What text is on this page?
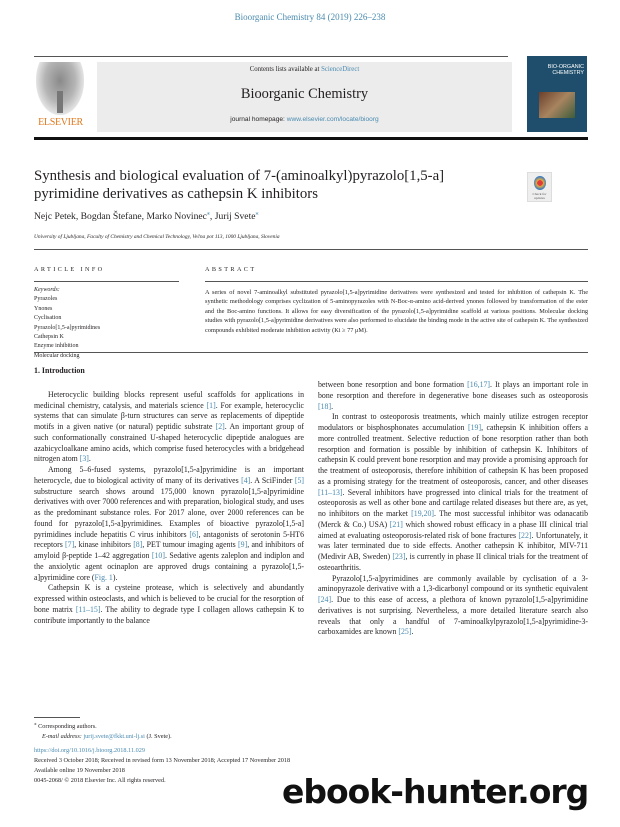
Bioorganic Chemistry 84 (2019) 226–238
ELSEVIER
Contents lists available at ScienceDirect
Bioorganic Chemistry
journal homepage: www.elsevier.com/locate/bioorg
BIO-ORGANIC CHEMISTRY
Synthesis and biological evaluation of 7-(aminoalkyl)pyrazolo[1,5-a] pyrimidine derivatives as cathepsin K inhibitors	Check for updates
Nejc Petek, Bogdan Štefane, Marko Novinec⁎, Jurij Svete⁎
University of Ljubljana, Faculty of Chemistry and Chemical Technology, Večna pot 113, 1000 Ljubljana, Slovenia
ARTICLE INFO
Keywords:
Pyrazoles
Ynones
Cyclisation
Pyrazolo[1,5-a]pyrimidines
Cathepsin K
Enzyme inhibition
Molecular docking
ABSTRACT
A series of novel 7-aminoalkyl substituted pyrazolo[1,5-a]pyrimidine derivatives were synthesized and tested for inhibition of cathepsin K. The synthetic methodology comprises cyclization of 5-aminopyrazoles with N-Boc-α-amino acid-derived ynones followed by transformation of the ester and the Boc-amino functions. It allows for easy diversification of the pyrazolo[1,5-a]pyrimidine scaffold at various positions. Molecular docking studies with pyrazolo[1,5-a]pyrimidine derivatives were also performed to elucidate the binding mode in the active site of cathepsin K. The synthesized compounds exhibited moderate inhibition activity (Ki ≥ 77 μM).
1. Introduction

Heterocyclic building blocks represent useful scaffolds for applications in medicinal chemistry, catalysis, and materials science [1]. For example, heterocyclic systems that can simulate β-turn structures can serve as replacements of dipeptide motifs in a given native (or natural) peptidic substrate [2]. An important group of such conformationally constrained U-shaped heterocyclic dipeptide analogues are azabicycloalkane amino acids, which comprise fused heterocycles with a bridgehead nitrogen atom [3].

Among 5–6-fused systems, pyrazolo[1,5-a]pyrimidine is an important heterocycle, due to biological activity of many of its derivatives [4]. A SciFinder [5] substructure search shows around 175,000 known pyrazolo[1,5-a]pyrimidine derivatives with over 7000 references and with preparation, biological study, and uses as the predominant substance roles. For 2017 alone, over 2000 references can be found for pyrazolo[1,5-a]pyrimidines. Examples of bioactive pyrazolo[1,5-a] pyrimidines include hepatitis C virus inhibitors [6], antagonists of serotonin 5-HT6 receptors [7], kinase inhibitors [8], PET tumour imaging agents [9], and inhibitors of amyloid β-peptide 1–42 aggregation [10]. Sedative agents zaleplon and indiplon and the anxiolytic agent ocinaplon are approved drugs containing a pyrazolo[1,5-a]pyrimidine core (Fig. 1).

Cathepsin K is a cysteine protease, which is selectively and abundantly expressed within osteoclasts, and which is believed to be crucial for the resorption of bone matrix [11–15]. The ability to degrade type I collagen allows cathepsin K to contribute importantly to the balance

between bone resorption and bone formation [16,17]. It plays an important role in bone resorption and therefore in degenerative bone diseases such as osteoporosis [18].

In contrast to osteoporosis treatments, which mainly utilize estrogen receptor modulators or bisphosphonates accumulation [19], cathepsin K inhibition offers a more controlled treatment. Selective reduction of bone resorption rather than both resorption and formation is possible by inhibition of cathepsin K. Inhibitors of cathepsin K could prevent bone resorption and may provide a promising approach for the treatment of osteoporosis, therefore inhibition of cathepsin K has been proposed as a promising strategy for the treatment of osteoporosis, cancer, and other diseases [11–13]. Several inhibitors have progressed into clinical trials for the treatment of osteoporosis as well as other bone and cartilage related diseases but there are, as yet, no inhibitors on the market [19,20]. The most successful inhibitor was odanacatib (Merck & Co.) USA) [21] which showed robust efficacy in a phase III clinical trial aimed at evaluating osteoporosis-related risk of bone fractures [22]. Unfortunately, it was later terminated due to side effects. Another cathepsin K inhibitor, MIV-711 (Medivir AB, Sweden) [23], is currently in phase II clinical trials for the treatment of osteoarthritis.

Pyrazolo[1,5-a]pyrimidines are commonly available by cyclisation of a 3-aminopyrazole derivative with a 1,3-dicarbonyl compound or its synthetic equivalent [24]. Due to this ease of access, a plethora of known pyrazolo[1,5-a]pyrimidine derivatives is not surprising. Nevertheless, a more detailed literature search also reveals that only a handful of 7-aminoalkylpyrazolo[1,5-a]pyrimidine-3-carboxamides are known [25].

⁎ Corresponding authors.
E-mail address: jurij.svete@fkkt.uni-lj.si (J. Svete).
https://doi.org/10.1016/j.bioorg.2018.11.029
Received 3 October 2018; Received in revised form 13 November 2018; Accepted 17 November 2018
Available online 19 November 2018
0045-2068/ © 2018 Elsevier Inc. All rights reserved.	ebook-hunter.org
